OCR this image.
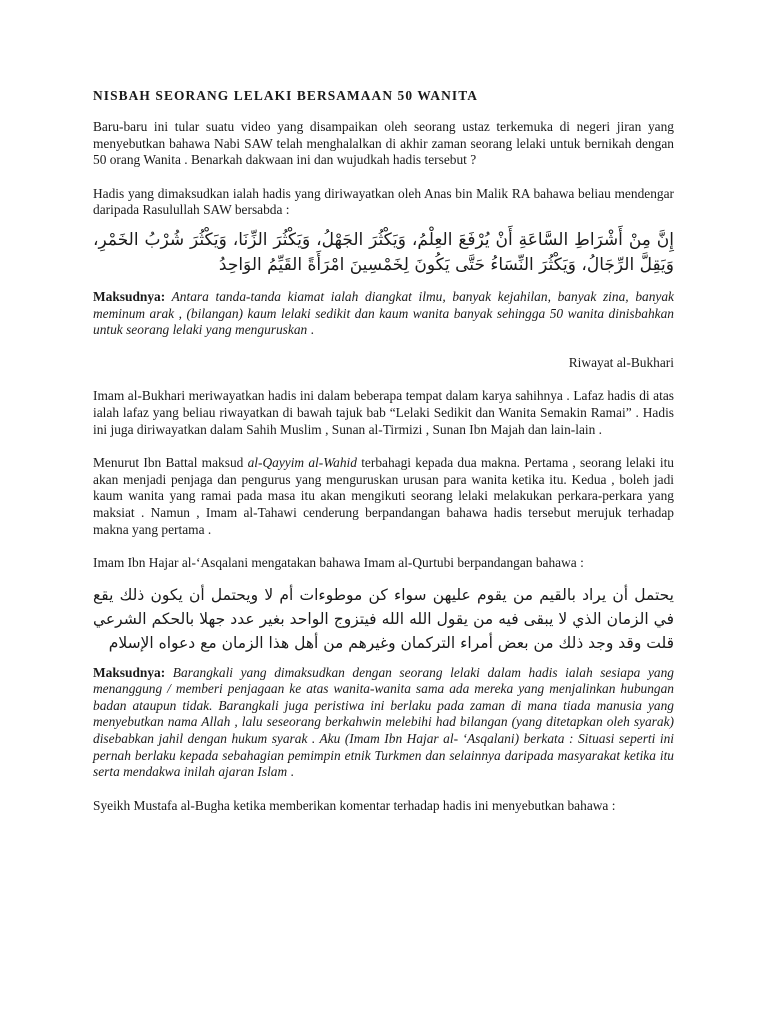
NISBAH SEORANG LELAKI BERSAMAAN 50 WANITA

Baru-baru ini tular suatu video yang disampaikan oleh seorang ustaz terkemuka di negeri jiran yang menyebutkan bahawa Nabi SAW telah menghalalkan di akhir zaman seorang lelaki untuk bernikah dengan 50 orang Wanita . Benarkah dakwaan ini dan wujudkah hadis tersebut ?

Hadis yang dimaksudkan ialah hadis yang diriwayatkan oleh Anas bin Malik RA bahawa beliau mendengar daripada Rasulullah SAW bersabda :

إِنَّ مِنْ أَشْرَاطِ السَّاعَةِ أَنْ يُرْفَعَ العِلْمُ، وَيَكْثُرَ الجَهْلُ، وَيَكْثُرَ الزِّنَا، وَيَكْثُرَ شُرْبُ الخَمْرِ، وَيَقِلَّ الرِّجَالُ، وَيَكْثُرَ النِّسَاءُ حَتَّى يَكُونَ لِخَمْسِينَ امْرَأَةً القَيِّمُ الوَاحِدُ

Maksudnya: Antara tanda-tanda kiamat ialah diangkat ilmu, banyak kejahilan, banyak zina, banyak meminum arak , (bilangan) kaum lelaki sedikit dan kaum wanita banyak sehingga 50 wanita dinisbahkan untuk seorang lelaki yang menguruskan .

Riwayat al-Bukhari

Imam al-Bukhari meriwayatkan hadis ini dalam beberapa tempat dalam karya sahihnya . Lafaz hadis di atas ialah lafaz yang beliau riwayatkan di bawah tajuk bab “Lelaki Sedikit dan Wanita Semakin Ramai” . Hadis ini juga diriwayatkan dalam Sahih Muslim , Sunan al-Tirmizi , Sunan Ibn Majah dan lain-lain .

Menurut Ibn Battal maksud al-Qayyim al-Wahid terbahagi kepada dua makna. Pertama , seorang lelaki itu akan menjadi penjaga dan pengurus yang menguruskan urusan para wanita ketika itu. Kedua , boleh jadi kaum wanita yang ramai pada masa itu akan mengikuti seorang lelaki melakukan perkara-perkara yang maksiat . Namun , Imam al-Tahawi cenderung berpandangan bahawa hadis tersebut merujuk terhadap makna yang pertama .

Imam Ibn Hajar al-‘Asqalani mengatakan bahawa Imam al-Qurtubi berpandangan bahawa :

يحتمل أن يراد بالقيم من يقوم عليهن سواء كن موطوءات أم لا ويحتمل أن يكون ذلك يقع في الزمان الذي لا يبقى فيه من يقول الله الله فيتزوج الواحد بغير عدد جهلا بالحكم الشرعي قلت وقد وجد ذلك من بعض أمراء التركمان وغيرهم من أهل هذا الزمان مع دعواه الإسلام

Maksudnya: Barangkali yang dimaksudkan dengan seorang lelaki dalam hadis ialah sesiapa yang menanggung / memberi penjagaan ke atas wanita-wanita sama ada mereka yang menjalinkan hubungan badan ataupun tidak. Barangkali juga peristiwa ini berlaku pada zaman di mana tiada manusia yang menyebutkan nama Allah , lalu seseorang berkahwin melebihi had bilangan (yang ditetapkan oleh syarak) disebabkan jahil dengan hukum syarak . Aku (Imam Ibn Hajar al- ‘Asqalani) berkata : Situasi seperti ini pernah berlaku kepada sebahagian pemimpin etnik Turkmen dan selainnya daripada masyarakat ketika itu serta mendakwa inilah ajaran Islam .

Syeikh Mustafa al-Bugha ketika memberikan komentar terhadap hadis ini menyebutkan bahawa :
